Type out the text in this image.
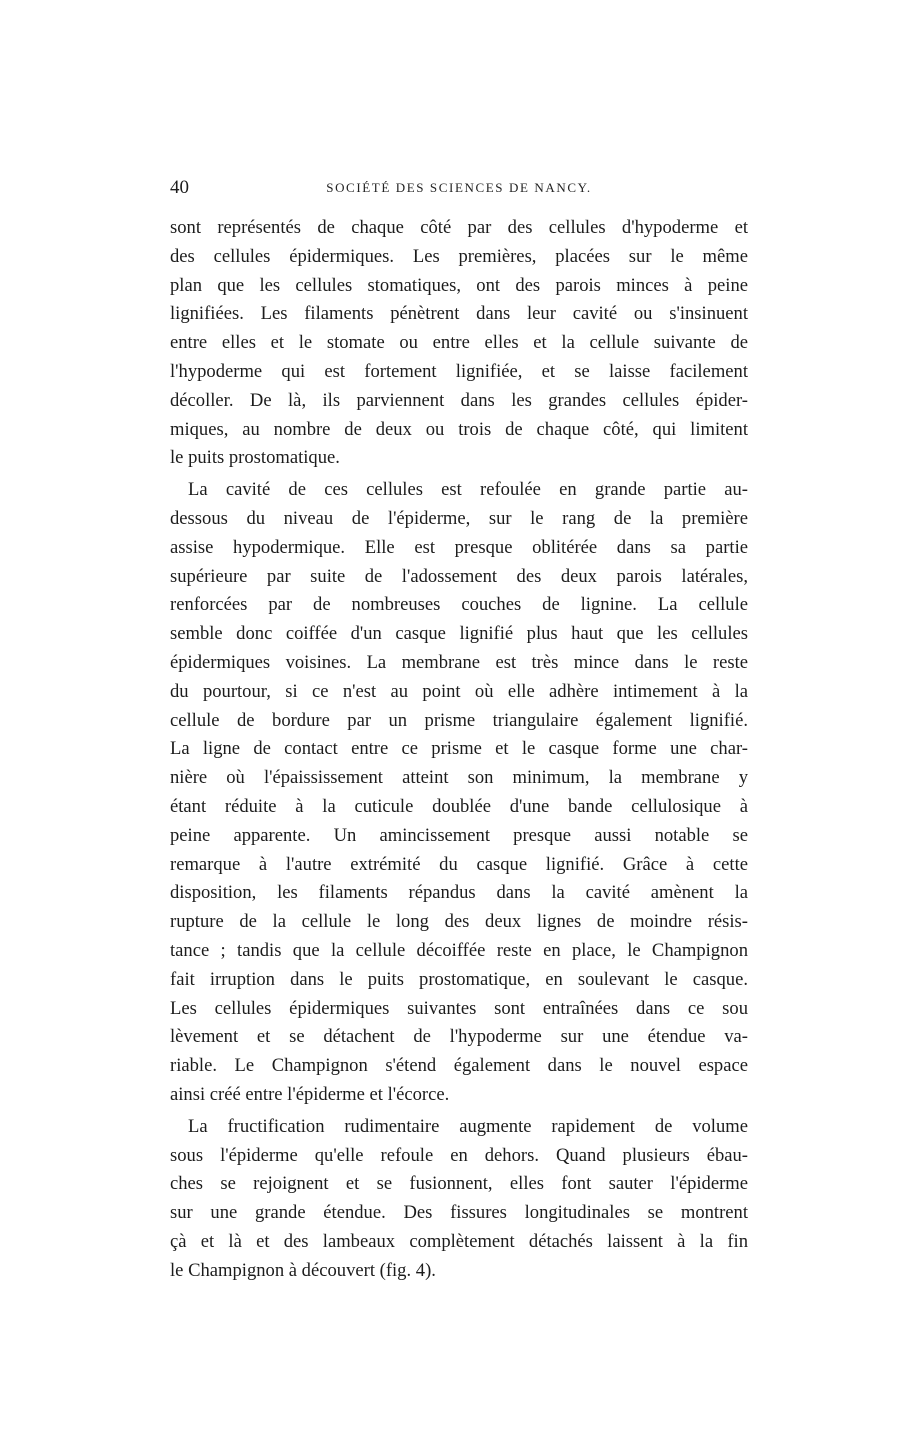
40	SOCIÉTÉ DES SCIENCES DE NANCY.

sont représentés de chaque côté par des cellules d'hypoderme et
des cellules épidermiques. Les premières, placées sur le même
plan que les cellules stomatiques, ont des parois minces à peine
lignifiées. Les filaments pénètrent dans leur cavité ou s'insinuent
entre elles et le stomate ou entre elles et la cellule suivante de
l'hypoderme qui est fortement lignifiée, et se laisse facilement
décoller. De là, ils parviennent dans les grandes cellules épider-
miques, au nombre de deux ou trois de chaque côté, qui limitent
le puits prostomatique.

La cavité de ces cellules est refoulée en grande partie au-
dessous du niveau de l'épiderme, sur le rang de la première
assise hypodermique. Elle est presque oblitérée dans sa partie
supérieure par suite de l'adossement des deux parois latérales,
renforcées par de nombreuses couches de lignine. La cellule
semble donc coiffée d'un casque lignifié plus haut que les cellules
épidermiques voisines. La membrane est très mince dans le reste
du pourtour, si ce n'est au point où elle adhère intimement à la
cellule de bordure par un prisme triangulaire également lignifié.
La ligne de contact entre ce prisme et le casque forme une char-
nière où l'épaississement atteint son minimum, la membrane y
étant réduite à la cuticule doublée d'une bande cellulosique à
peine apparente. Un amincissement presque aussi notable se
remarque à l'autre extrémité du casque lignifié. Grâce à cette
disposition, les filaments répandus dans la cavité amènent la
rupture de la cellule le long des deux lignes de moindre résis-
tance ; tandis que la cellule décoiffée reste en place, le Champignon
fait irruption dans le puits prostomatique, en soulevant le casque.
Les cellules épidermiques suivantes sont entraînées dans ce sou
lèvement et se détachent de l'hypoderme sur une étendue va-
riable. Le Champignon s'étend également dans le nouvel espace
ainsi créé entre l'épiderme et l'écorce.

La fructification rudimentaire augmente rapidement de volume
sous l'épiderme qu'elle refoule en dehors. Quand plusieurs ébau-
ches se rejoignent et se fusionnent, elles font sauter l'épiderme
sur une grande étendue. Des fissures longitudinales se montrent
çà et là et des lambeaux complètement détachés laissent à la fin
le Champignon à découvert (fig. 4).
